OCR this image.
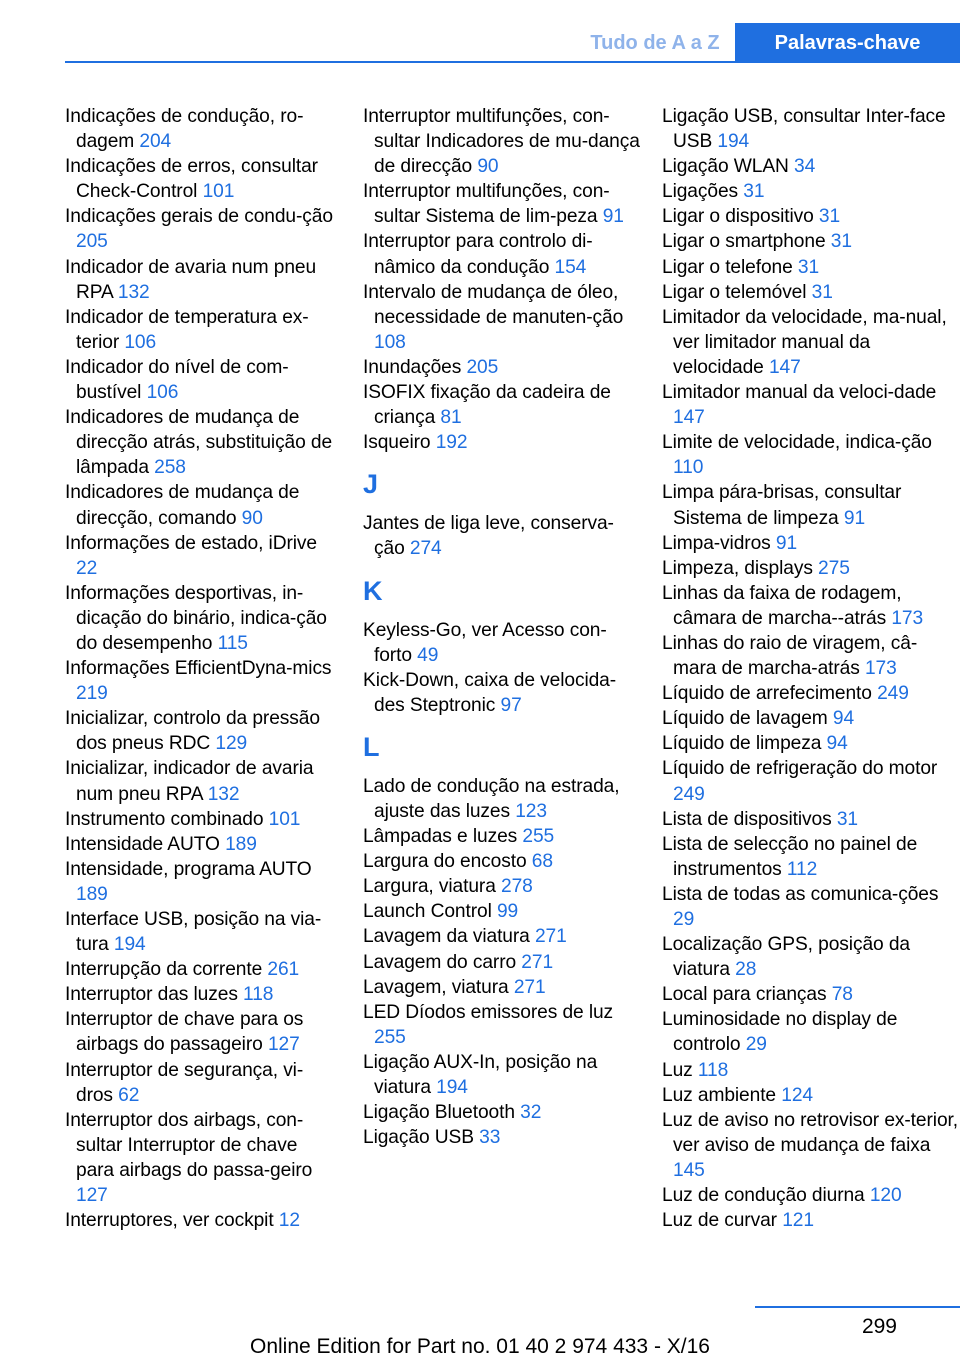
Tudo de A a Z	Palavras-chave
Indicações de condução, ro-dagem 204
Indicações de erros, consultar Check-Control 101
Indicações gerais de condu-ção 205
Indicador de avaria num pneu RPA 132
Indicador de temperatura ex-terior 106
Indicador do nível de com-bustível 106
Indicadores de mudança de direcção atrás, substituição de lâmpada 258
Indicadores de mudança de direcção, comando 90
Informações de estado, iDrive 22
Informações desportivas, in-dicação do binário, indica-ção do desempenho 115
Informações EfficientDyna-mics 219
Inicializar, controlo da pressão dos pneus RDC 129
Inicializar, indicador de avaria num pneu RPA 132
Instrumento combinado 101
Intensidade AUTO 189
Intensidade, programa AUTO 189
Interface USB, posição na via-tura 194
Interrupção da corrente 261
Interruptor das luzes 118
Interruptor de chave para os airbags do passageiro 127
Interruptor de segurança, vi-dros 62
Interruptor dos airbags, con-sultar Interruptor de chave para airbags do passa-geiro 127
Interruptores, ver cockpit 12
Interruptor multifunções, con-sultar Indicadores de mu-dança de direcção 90
Interruptor multifunções, con-sultar Sistema de lim-peza 91
Interruptor para controlo di-nâmico da condução 154
Intervalo de mudança de óleo, necessidade de manuten-ção 108
Inundações 205
ISOFIX fixação da cadeira de criança 81
Isqueiro 192
J
Jantes de liga leve, conserva-ção 274
K
Keyless-Go, ver Acesso con-forto 49
Kick-Down, caixa de velocida-des Steptronic 97
L
Lado de condução na estrada, ajuste das luzes 123
Lâmpadas e luzes 255
Largura do encosto 68
Largura, viatura 278
Launch Control 99
Lavagem da viatura 271
Lavagem do carro 271
Lavagem, viatura 271
LED Díodos emissores de luz 255
Ligação AUX-In, posição na viatura 194
Ligação Bluetooth 32
Ligação USB 33
Ligação USB, consultar Inter-face USB 194
Ligação WLAN 34
Ligações 31
Ligar o dispositivo 31
Ligar o smartphone 31
Ligar o telefone 31
Ligar o telemóvel 31
Limitador da velocidade, ma-nual, ver limitador manual da velocidade 147
Limitador manual da veloci-dade 147
Limite de velocidade, indica-ção 110
Limpa pára-brisas, consultar Sistema de limpeza 91
Limpa-vidros 91
Limpeza, displays 275
Linhas da faixa de rodagem, câmara de marcha--atrás 173
Linhas do raio de viragem, câ-mara de marcha-atrás 173
Líquido de arrefecimento 249
Líquido de lavagem 94
Líquido de limpeza 94
Líquido de refrigeração do motor 249
Lista de dispositivos 31
Lista de selecção no painel de instrumentos 112
Lista de todas as comunica-ções 29
Localização GPS, posição da viatura 28
Local para crianças 78
Luminosidade no display de controlo 29
Luz 118
Luz ambiente 124
Luz de aviso no retrovisor ex-terior, ver aviso de mudança de faixa 145
Luz de condução diurna 120
Luz de curvar 121
299
Online Edition for Part no. 01 40 2 974 433 - X/16
